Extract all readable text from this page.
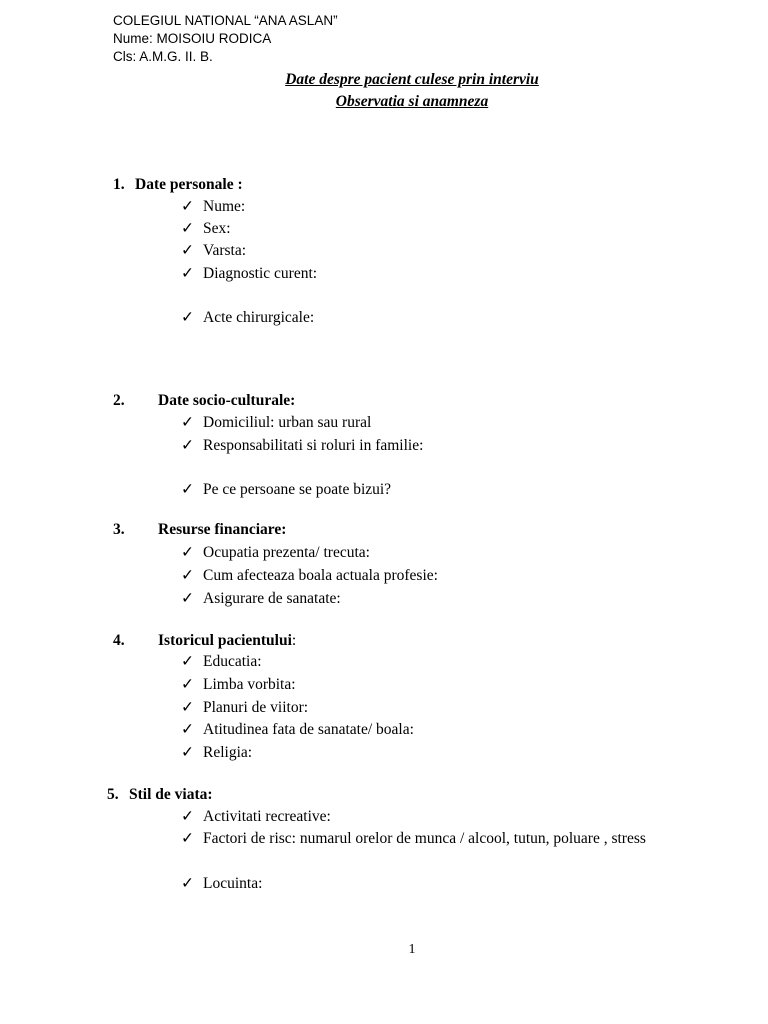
COLEGIUL NATIONAL “ANA ASLAN”
Nume: MOISOIU RODICA
Cls: A.M.G. II. B.
Date despre pacient culese prin interviu
Observatia si anamneza
1. Date personale :
✓ Nume:
✓ Sex:
✓ Varsta:
✓ Diagnostic curent:
✓ Acte chirurgicale:
2. Date socio-culturale:
✓ Domiciliul: urban sau rural
✓ Responsabilitati si roluri in familie:
✓ Pe ce persoane se poate bizui?
3. Resurse financiare:
✓ Ocupatia prezenta/ trecuta:
✓ Cum afecteaza boala actuala profesie:
✓ Asigurare de sanatate:
4. Istoricul pacientului:
✓ Educatia:
✓ Limba vorbita:
✓ Planuri de viitor:
✓ Atitudinea fata de sanatate/ boala:
✓ Religia:
5. Stil de viata:
✓ Activitati recreative:
✓ Factori de risc: numarul orelor de munca / alcool, tutun, poluare , stress
✓ Locuinta:
1
